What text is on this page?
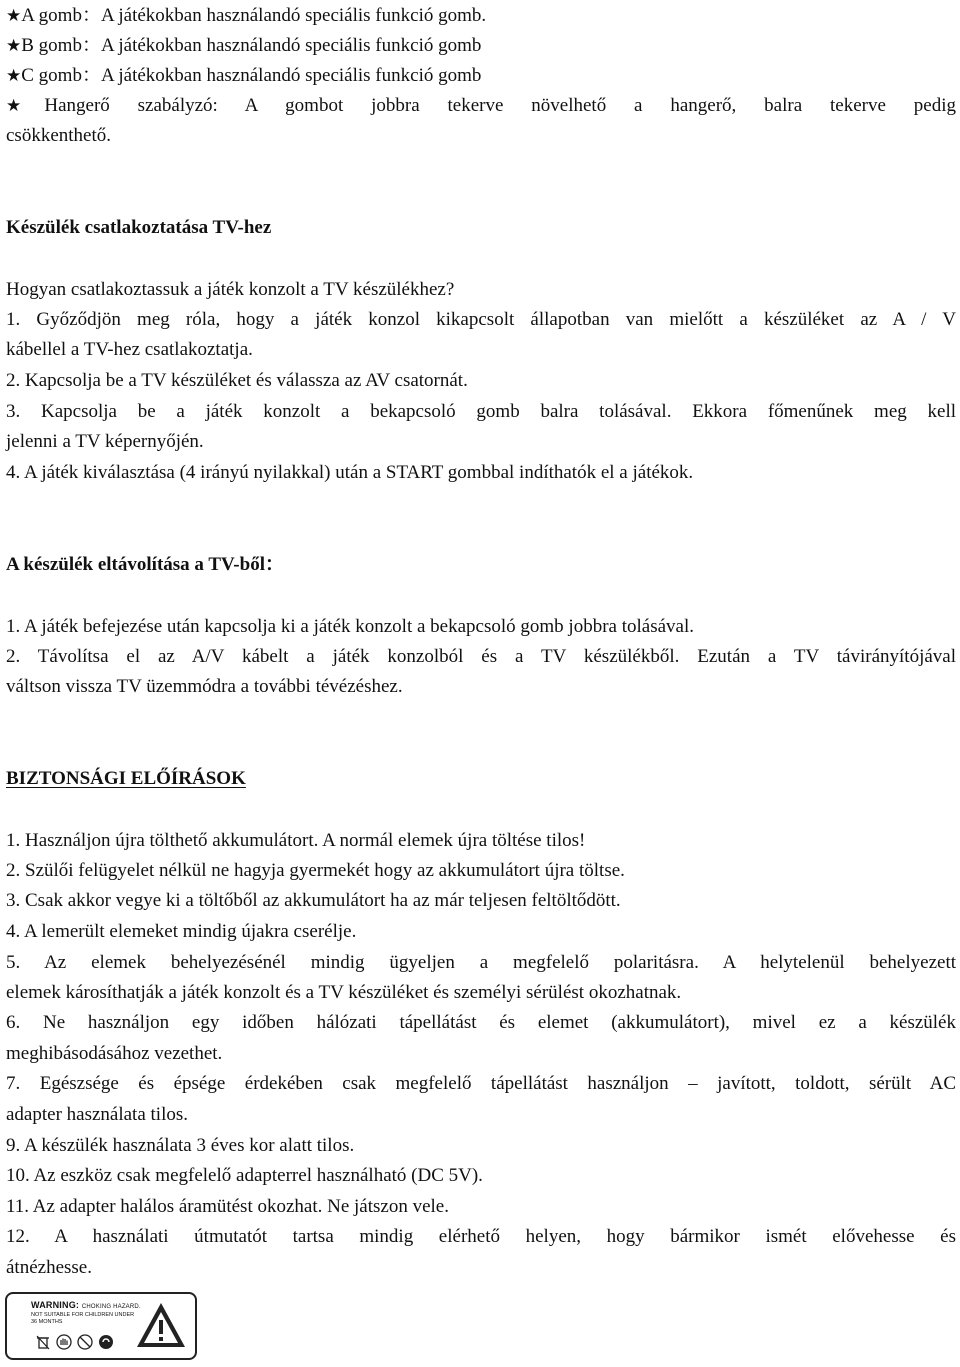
★A gomb：A játékokban használandó speciális funkció gomb.
★B gomb：A játékokban használandó speciális funkció gomb
★C gomb：A játékokban használandó speciális funkció gomb
★Hangerő szabályzó: A gombot jobbra tekerve növelhető a hangerő, balra tekerve pedig
csökkenthető.
Készülék csatlakoztatása TV-hez
Hogyan csatlakoztassuk a játék konzolt a TV készülékhez?
1. Győződjön meg róla, hogy a játék konzol kikapcsolt állapotban van mielőtt a készüléket az A / V
kábellel a TV-hez csatlakoztatja.
2. Kapcsolja be a TV készüléket és válassza az AV csatornát.
3. Kapcsolja be a játék konzolt a bekapcsoló gomb balra tolásával. Ekkora főmenűnek meg kell
jelenni a TV képernyőjén.
4. A játék kiválasztása (4 irányú nyilakkal) után a START gombbal indíthatók el a játékok.
A készülék eltávolítása a TV-ből：
1. A játék befejezése után kapcsolja ki a játék konzolt a bekapcsoló gomb jobbra tolásával.
2. Távolítsa el az A/V kábelt a játék konzolból és a TV készülékből. Ezután a TV távirányítójával
váltson vissza TV üzemmódra a további tévézéshez.
BIZTONSÁGI ELŐÍRÁSOK
1. Használjon újra tölthető akkumulátort. A normál elemek újra töltése tilos!
2. Szülői felügyelet nélkül ne hagyja gyermekét hogy az akkumulátort újra töltse.
3. Csak akkor vegye ki a töltőből az akkumulátort ha az már teljesen feltöltődött.
4. A lemerült elemeket mindig újakra cserélje.
5. Az elemek behelyezésénél mindig ügyeljen a megfelelő polaritásra. A helytelenül behelyezett
elemek károsíthatják a játék konzolt és a TV készüléket és személyi sérülést okozhatnak.
6. Ne használjon egy időben hálózati tápellátást és elemet (akkumulátort), mivel ez a készülék
meghibásodásához vezethet.
7. Egészsége és épsége érdekében csak megfelelő tápellátást használjon – javított, toldott, sérült AC
adapter használata tilos.
9. A készülék használata 3 éves kor alatt tilos.
10. Az eszköz csak megfelelő adapterrel használható (DC 5V).
11. Az adapter halálos áramütést okozhat. Ne játszon vele.
12. A használati útmutatót tartsa mindig elérhető helyen, hogy bármikor ismét elővehesse és
átnézhesse.
WARNING: CHOKING HAZARD.
NOT SUITABLE FOR CHILDREN UNDER
36 MONTHS
